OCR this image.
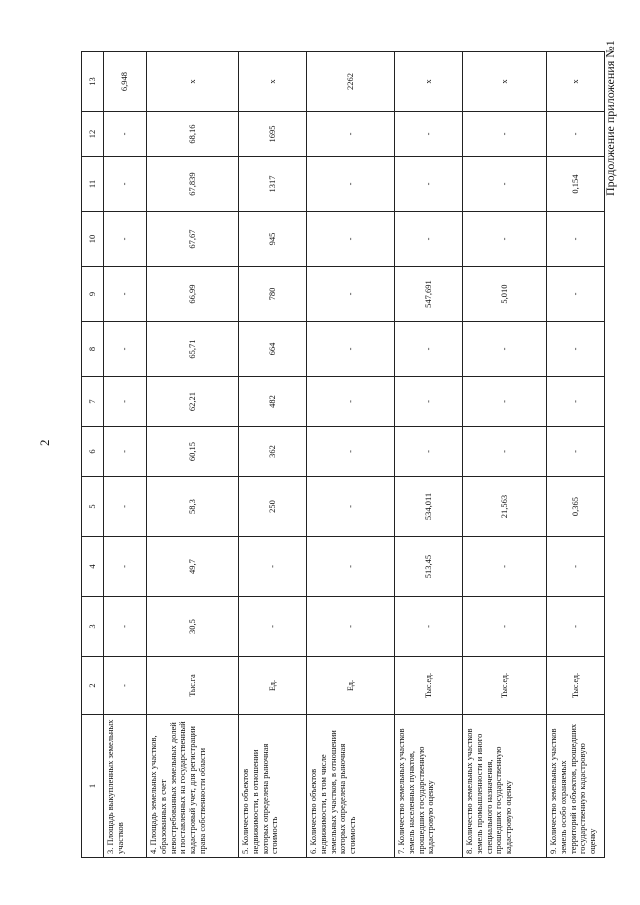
2
Продолжение приложения №1
1	2	3	4	5	6	7	8	9	10	11	12	13
3. Площадь выкупленных земельных участков	-	-	-	-	-	-	-	-	-	-	-	6,948
4. Площадь земельных участков, образованных в счет невостребованных земельных долей и поставленных на государственный кадастровый учет, для регистрации права собственности области	Тыс.га	30,5	49,7	58,3	60,15	62,21	65,71	66,99	67,67	67,839	68,16	x
5. Количество объектов недвижимости, в отношении которых определена рыночная стоимость	Ед.	-	-	250	362	482	664	780	945	1317	1695	x
6. Количество объектов недвижимости, в том числе земельных участков, в отношении которых определена рыночная стоимость	Ед.	-	-	-	-	-	-	-	-	-	-	2262
7. Количество земельных участков земель населенных пунктов, прошедших государственную кадастровую оценку	Тыс.ед.	-	513,45	534,011	-	-	-	547,691	-	-	-	x
8. Количество земельных участков земель промышленности и иного специального назначения, прошедших государственную кадастровую оценку	Тыс.ед.	-	-	21,563	-	-	-	5,010	-	-	-	x
9. Количество земельных участков земель особо охраняемых территорий и объектов, прошедших государственную кадастровую оценку	Тыс.ед.	-	-	0,365	-	-	-	-	-	0,154	-	x
